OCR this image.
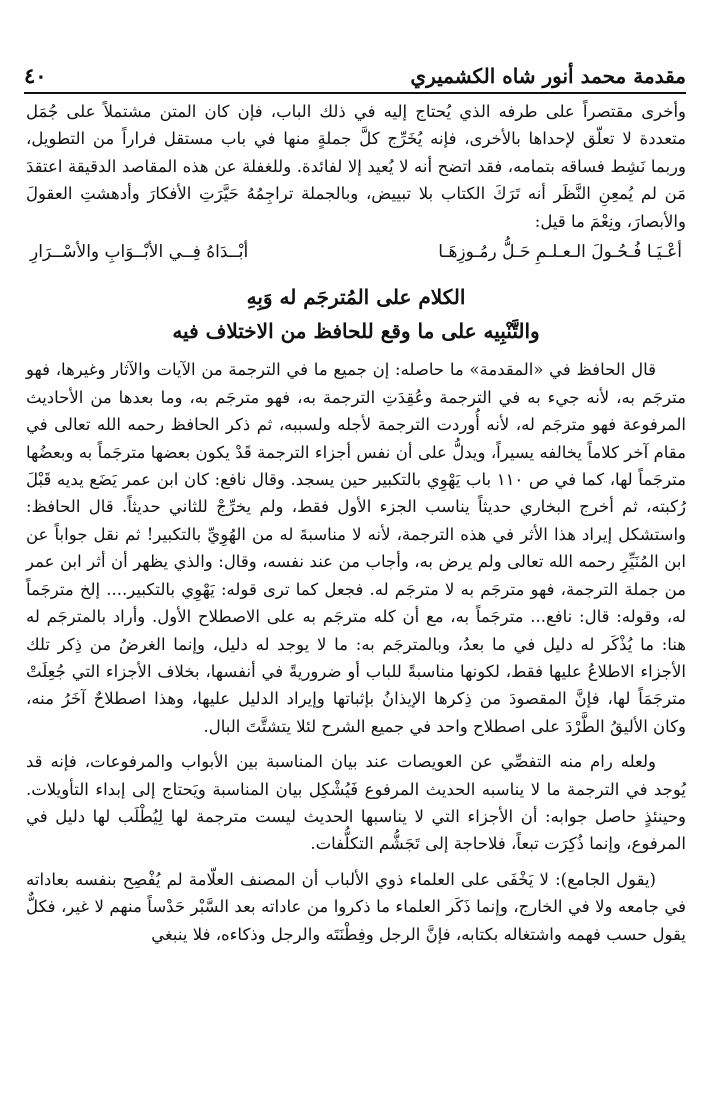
مقدمة محمد أنور شاه الكشميري
٤٠

وأخرى مقتصراً على طرفه الذي يُحتاج إليه في ذلك الباب، فإن كان المتن مشتملاً على جُمَل متعددة لا تعلّق لإحداها بالأخرى، فإنه يُخَرِّج كلَّ جملةٍ منها في باب مستقل فراراً من التطويل، وربما نَشِط فساقه بتمامه، فقد اتضح أنه لا يُعيد إلا لفائدة. وللغفلة عن هذه المقاصد الدقيقة اعتقدَ مَن لم يُمعِنِ النَّظَر أنه تَرَكَ الكتاب بلا تبييض، وبالجملة تراجِمُهُ حَيَّرَتِ الأفكارَ وأدهشتِ العقولَ والأبصارَ، ونِعْمَ ما قيل:

أعْـيَـا فُـحُـولَ الـعـلـمِ حَـلُّ رمُـوزِهَـا
أبْــدَاهُ فِــي الأبْــوَابِ والأسْــرَارِ
الكلام على المُترجَم له وَبِهِ
والتَّنْبِيه على ما وقع للحافظ من الاختلاف فيه

قال الحافظ في «المقدمة» ما حاصله: إن جميع ما في الترجمة من الآيات والآثار وغيرها، فهو مترجَم به، لأنه جيء به في الترجمة وعُقِدَتِ الترجمة به، فهو مترجَم به، وما بعدها من الأحاديث المرفوعة فهو مترجَم له، لأنه أُوردت الترجمة لأجله ولسببه، ثم ذكر الحافظ رحمه الله تعالى في مقام آخر كلاماً يخالفه يسيراً، ويدلُّ على أن نفس أجزاء الترجمة قَدْ يكون بعضها مترجَماً به وبعضُها مترجَماً لها، كما في ص ١١٠ باب يَهْوِي بالتكبير حين يسجد. وقال نافع: كان ابن عمر يَضَع يديه قَبْلَ رُكبته، ثم أخرج البخاري حديثاً يناسب الجزء الأول فقط، ولم يخرِّجْ للثاني حديثاً. قال الحافظ: واستشكل إيراد هذا الأثر في هذه الترجمة، لأنه لا مناسبةَ له من الهُوِيِّ بالتكبير! ثم نقل جواباً عن ابن المُنَيِّرِ رحمه الله تعالى ولم يرض به، وأجاب من عند نفسه، وقال: والذي يظهر أن أثر ابن عمر من جملة الترجمة، فهو مترجَم به لا مترجَم له. فجعل كما ترى قوله: يَهْوِي بالتكبير.... إلخ مترجَماً له، وقوله: قال: نافع... مترجَماً به، مع أن كله مترجَم به على الاصطلاح الأول. وأراد بالمترجَم له هنا: ما يُذْكَر له دليل في ما بعدُ، وبالمترجَم به: ما لا يوجد له دليل، وإنما الغرضُ من ذِكر تلك الأجزاء الاطلاعُ عليها فقط، لكونها مناسبةً للباب أو ضروريةً في أنفسها، بخلاف الأجزاء التي جُعِلَتْ مترجَمَاً لها، فإنَّ المقصودَ من ذِكرها الإيذانُ بإثباتها وإيراد الدليل عليها، وهذا اصطلاحٌ آخَرُ منه، وكان الأليقُ الطَّرْدَ على اصطلاح واحد في جميع الشرح لئلا يتشتَّتَ البال.

ولعله رام منه التفصِّي عن العويصات عند بيان المناسبة بين الأبواب والمرفوعات، فإنه قد يُوجد في الترجمة ما لا يناسبه الحديث المرفوع فَيُشْكِل بيان المناسبة ويَحتاج إلى إبداء التأويلات. وحينئذٍ حاصل جوابه: أن الأجزاء التي لا يناسبها الحديث ليست مترجمة لها لِيُطْلَب لها دليل في المرفوع، وإنما ذُكِرَت تبعاً، فلاحاجة إلى تَجَشُّم التكلُّفات.

(يقول الجامع): لا يَخْفَى على العلماء ذوي الألباب أن المصنف العلّامة لم يُفْصِح بنفسه بعاداته في جامعه ولا في الخارج، وإنما ذَكَر العلماء ما ذكروا من عاداته بعد السَّبْر حَدْساً منهم لا غير، فكلٌّ يقول حسب فهمه واشتغاله بكتابه، فإنَّ الرجل وفِطْنَتَه والرجل وذكاءه، فلا ينبغي
